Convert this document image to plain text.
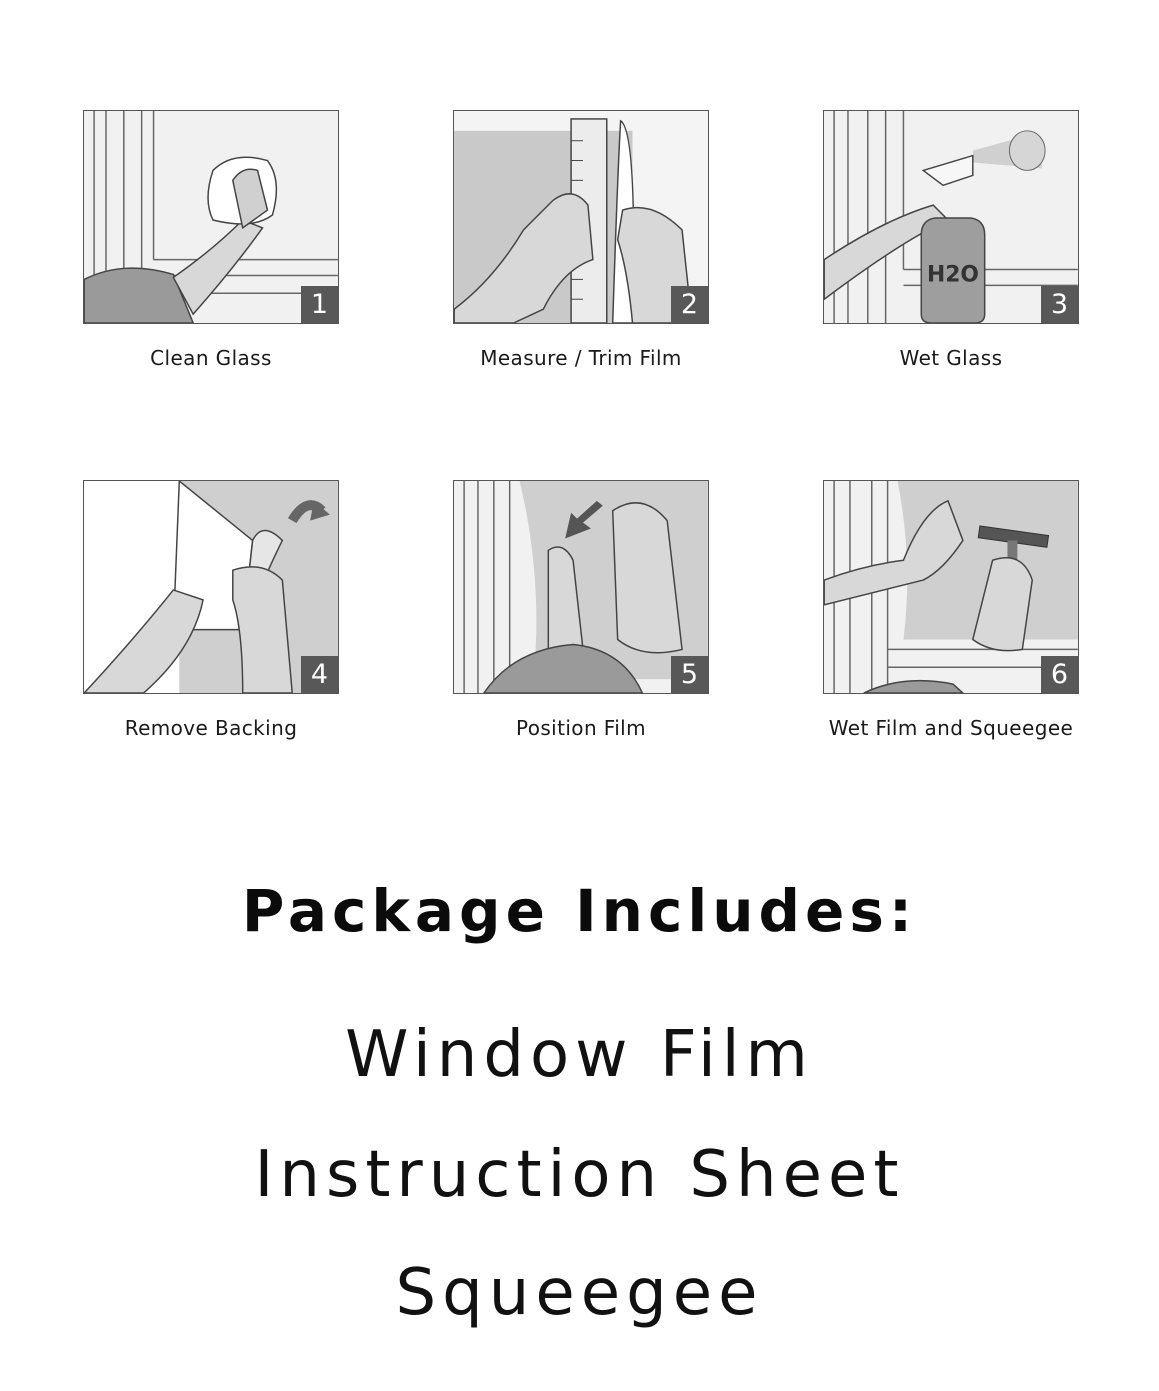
1
Clean Glass
2
Measure / Trim Film
H2O
3
Wet Glass
4
Remove Backing
5
Position Film
6
Wet Film and Squeegee
Package Includes:
Window Film
Instruction Sheet
Squeegee
